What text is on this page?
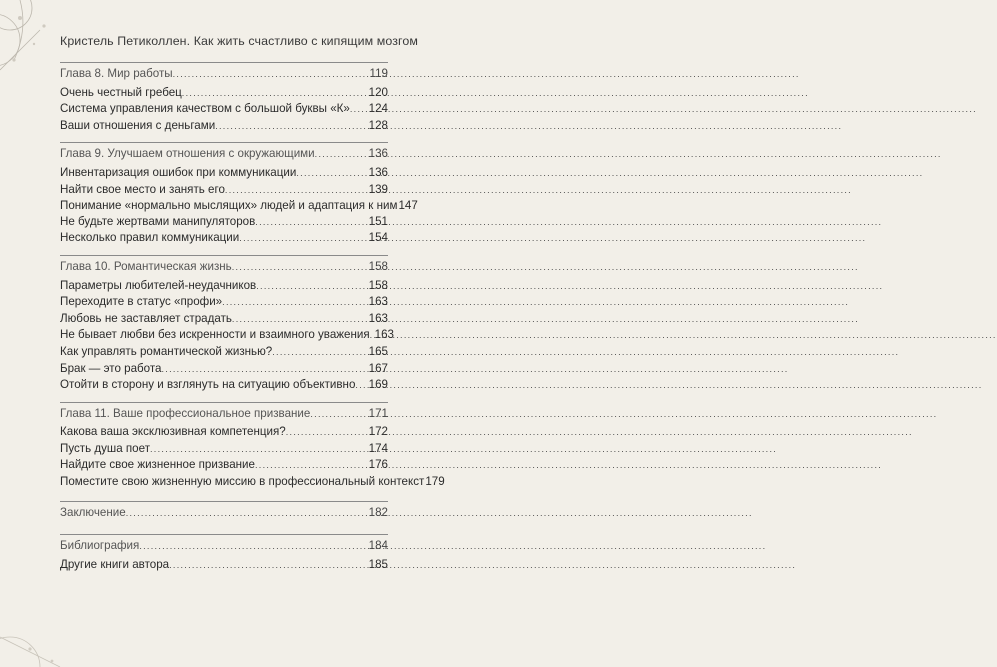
Кристель Петиколлен. Как жить счастливо с кипящим мозгом
Глава 8. Мир работы .....	119
Очень честный гребец .....	120
Система управления качеством с большой буквы «К» ..... 124
Ваши отношения с деньгами .....	128
Глава 9. Улучшаем отношения с окружающими .....	136
Инвентаризация ошибок при коммуникации .....	136
Найти свое место и занять его .....	139
Понимание «нормально мыслящих» людей и адаптация к ним 147
Не будьте жертвами манипуляторов .....	151
Несколько правил коммуникации .....	154
Глава 10. Романтическая жизнь .....	158
Параметры любителей-неудачников .....	158
Переходите в статус «профи» .....	163
Любовь не заставляет страдать .....	163
Не бывает любви без искренности и взаимного уважения ..... 163
Как управлять романтической жизнью? .....	165
Брак — это работа .....	167
Отойти в сторону и взглянуть на ситуацию объективно ..... 169
Глава 11. Ваше профессиональное призвание .....	171
Какова ваша эксклюзивная компетенция? .....	172
Пусть душа поет .....	174
Найдите свое жизненное призвание .....	176
Поместите свою жизненную миссию в профессиональный контекст 179
Заключение .....	182
Библиография .....	184
Другие книги автора .....	185
